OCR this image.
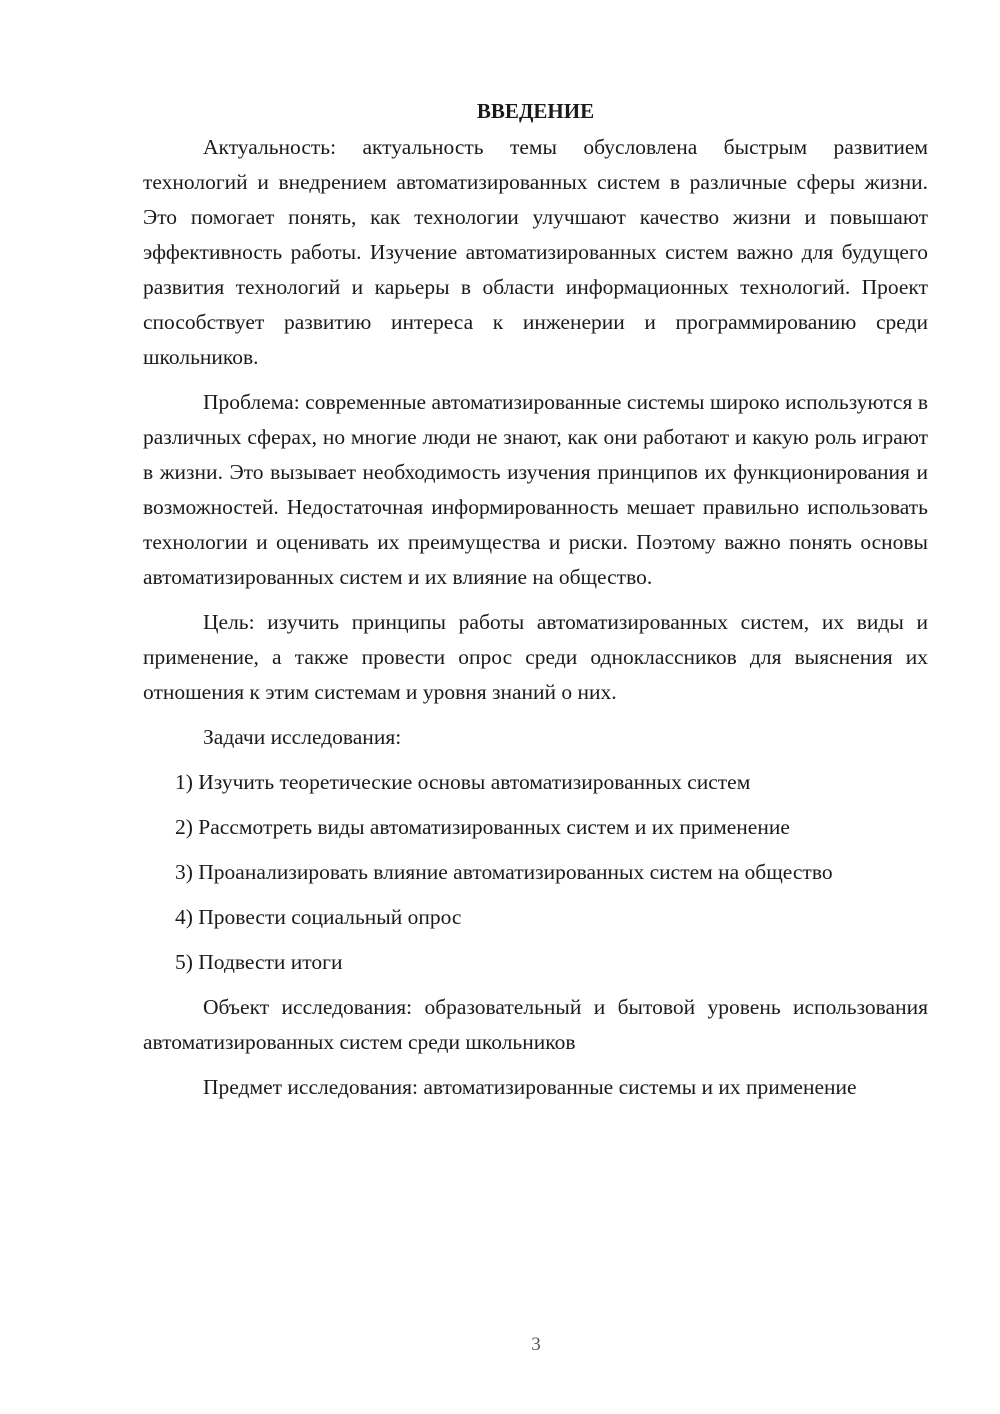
ВВЕДЕНИЕ

Актуальность: актуальность темы обусловлена быстрым развитием технологий и внедрением автоматизированных систем в различные сферы жизни. Это помогает понять, как технологии улучшают качество жизни и повышают эффективность работы. Изучение автоматизированных систем важно для будущего развития технологий и карьеры в области информационных технологий. Проект способствует развитию интереса к инженерии и программированию среди школьников.

Проблема: современные автоматизированные системы широко используются в различных сферах, но многие люди не знают, как они работают и какую роль играют в жизни. Это вызывает необходимость изучения принципов их функционирования и возможностей. Недостаточная информированность мешает правильно использовать технологии и оценивать их преимущества и риски. Поэтому важно понять основы автоматизированных систем и их влияние на общество.

Цель: изучить принципы работы автоматизированных систем, их виды и применение, а также провести опрос среди одноклассников для выяснения их отношения к этим системам и уровня знаний о них.

Задачи исследования:

1) Изучить теоретические основы автоматизированных систем

2) Рассмотреть виды автоматизированных систем и их применение

3) Проанализировать влияние автоматизированных систем на общество

4) Провести социальный опрос

5) Подвести итоги

Объект исследования: образовательный и бытовой уровень использования автоматизированных систем среди школьников

Предмет исследования: автоматизированные системы и их применение

3
